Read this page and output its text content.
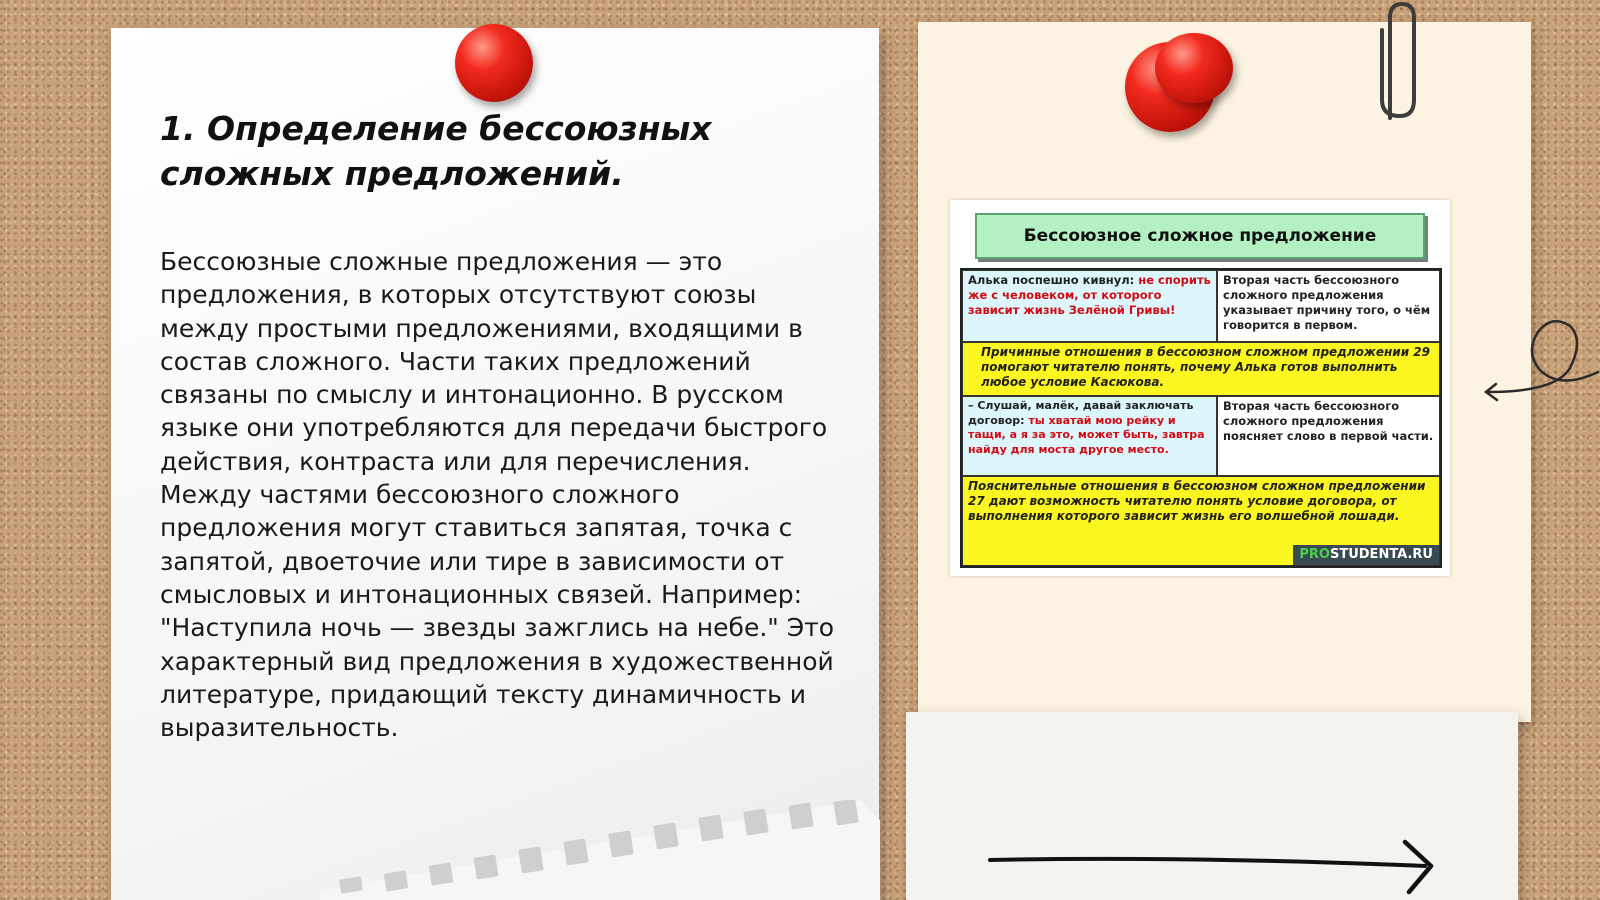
1. Определение бессоюзных сложных предложений.

Бессоюзные сложные предложения — это предложения, в которых отсутствуют союзы между простыми предложениями, входящими в состав сложного. Части таких предложений связаны по смыслу и интонационно. В русском языке они употребляются для передачи быстрого действия, контраста или для перечисления. Между частями бессоюзного сложного предложения могут ставиться запятая, точка с запятой, двоеточие или тире в зависимости от смысловых и интонационных связей. Например: "Наступила ночь — звезды зажглись на небе." Это характерный вид предложения в художественной литературе, придающий тексту динамичность и выразительность.

Бессоюзное сложное предложение
Алька поспешно кивнул: не спорить же с человеком, от которого зависит жизнь Зелёной Гривы!
Вторая часть бессоюзного сложного предложения указывает причину того, о чём говорится в первом.
Причинные отношения в бессоюзном сложном предложении 29 помогают читателю понять, почему Алька готов выполнить любое условие Касюкова.
– Слушай, малёк, давай заключать договор: ты хватай мою рейку и тащи, а я за это, может быть, завтра найду для моста другое место.
Вторая часть бессоюзного сложного предложения поясняет слово в первой части.
Пояснительные отношения в бессоюзном сложном предложении 27 дают возможность читателю понять условие договора, от выполнения которого зависит жизнь его волшебной лошади.
PROSTUDENTA.RU
